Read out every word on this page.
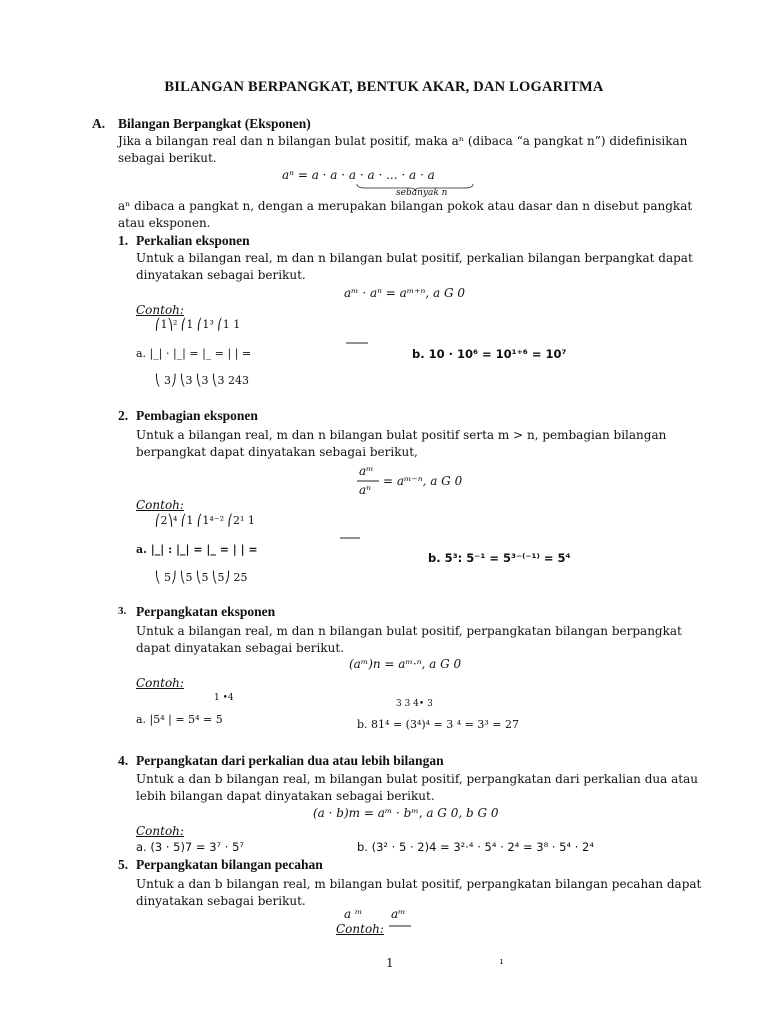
BILANGAN BERPANGKAT, BENTUK AKAR, DAN LOGARITMA
A. Bilangan Berpangkat (Eksponen)
Jika a bilangan real dan n bilangan bulat positif, maka aⁿ (dibaca “a pangkat n”) didefinisikan
sebagai berikut.
aⁿ = a · a · a · a · ... · a · a
sebanyak n
aⁿ dibaca a pangkat n, dengan a merupakan bilangan pokok atau dasar dan n disebut pangkat
atau eksponen.
1. Perkalian eksponen
Untuk a bilangan real, m dan n bilangan bulat positif, perkalian bilangan berpangkat dapat
dinyatakan sebagai berikut.
aᵐ · aⁿ = aᵐ⁺ⁿ, a G 0
Contoh:
⎛1⎞² ⎛1 ⎛1³ ⎛1 1
a. |_| · |_| = |_ = | | =
⎝ 3⎠ ⎝3 ⎝3 ⎝3 243
b. 10 · 10⁶ = 10¹⁺⁶ = 10⁷
2. Pembagian eksponen
Untuk a bilangan real, m dan n bilangan bulat positif serta m > n, pembagian bilangan
berpangkat dapat dinyatakan sebagai berikut,
aᵐ
aⁿ
= aᵐ⁻ⁿ, a G 0
Contoh:
⎛2⎞⁴ ⎛1 ⎛1⁴⁻² ⎛2¹ 1
a. |_| : |_| = |_ = | | =
⎝ 5⎠ ⎝5 ⎝5 ⎝5⎠ 25
b. 5³: 5⁻¹ = 5³⁻⁽⁻¹⁾ = 5⁴
3. Perpangkatan eksponen
Untuk a bilangan real, m dan n bilangan bulat positif, perpangkatan bilangan berpangkat
dapat dinyatakan sebagai berikut.
(aᵐ)n = aᵐ·ⁿ, a G 0
Contoh:
1 •4
a. |5⁴ | = 5⁴ = 5
3 3 4• 3
b. 81⁴ = (3⁴)⁴ = 3 ⁴ = 3³ = 27
4. Perpangkatan dari perkalian dua atau lebih bilangan
Untuk a dan b bilangan real, m bilangan bulat positif, perpangkatan dari perkalian dua atau
lebih bilangan dapat dinyatakan sebagai berikut.
(a · b)m = aᵐ · bᵐ, a G 0, b G 0
Contoh:
a. (3 · 5)7 = 3⁷ · 5⁷	b. (3² · 5 · 2)4 = 3²·⁴ · 5⁴ · 2⁴ = 3⁸ · 5⁴ · 2⁴
5. Perpangkatan bilangan pecahan
Untuk a dan b bilangan real, m bilangan bulat positif, perpangkatan bilangan pecahan dapat
dinyatakan sebagai berikut.
a ᵐ aᵐ
Contoh:
1	ı
